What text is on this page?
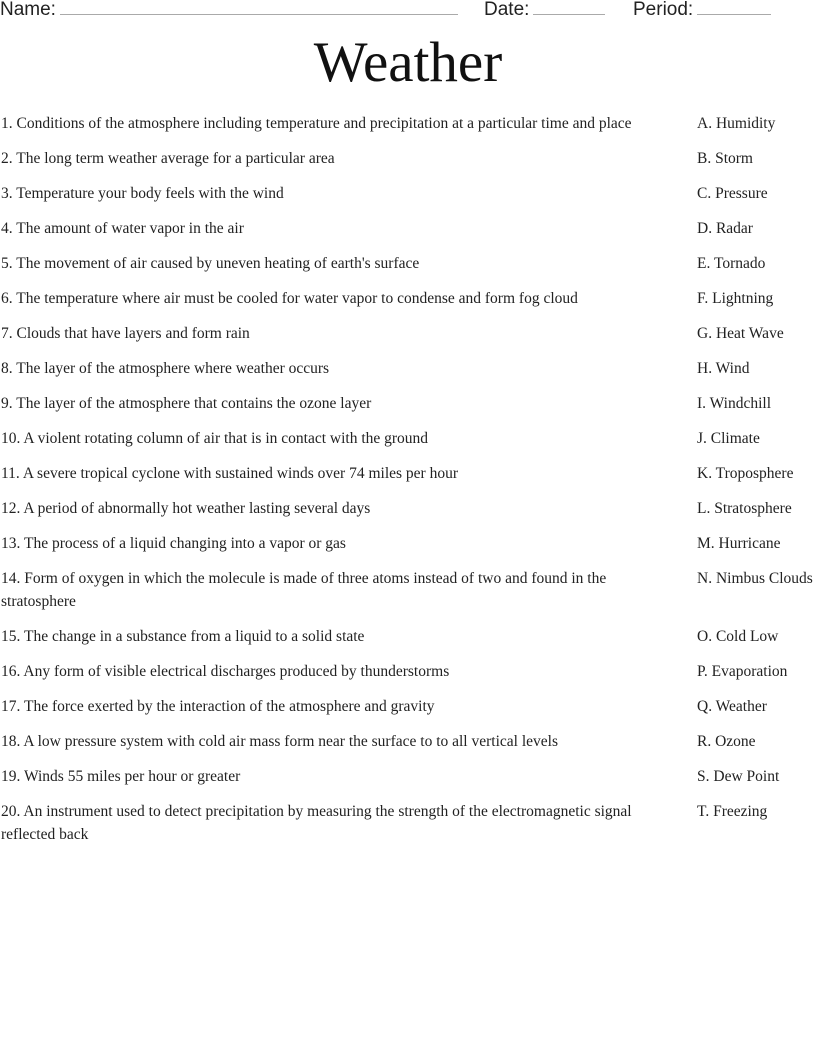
Name:	Date:	Period:
Weather
1. Conditions of the atmosphere including temperature and precipitation at a particular time and place	A. Humidity
2. The long term weather average for a particular area	B. Storm
3. Temperature your body feels with the wind	C. Pressure
4. The amount of water vapor in the air	D. Radar
5. The movement of air caused by uneven heating of earth's surface	E. Tornado
6. The temperature where air must be cooled for water vapor to condense and form fog cloud	F. Lightning
7. Clouds that have layers and form rain	G. Heat Wave
8. The layer of the atmosphere where weather occurs	H. Wind
9. The layer of the atmosphere that contains the ozone layer	I. Windchill
10. A violent rotating column of air that is in contact with the ground	J. Climate
11. A severe tropical cyclone with sustained winds over 74 miles per hour	K. Troposphere
12. A period of abnormally hot weather lasting several days	L. Stratosphere
13. The process of a liquid changing into a vapor or gas	M. Hurricane
14. Form of oxygen in which the molecule is made of three atoms instead of two and found in the stratosphere
N. Nimbus Clouds
15. The change in a substance from a liquid to a solid state	O. Cold Low
16. Any form of visible electrical discharges produced by thunderstorms	P. Evaporation
17. The force exerted by the interaction of the atmosphere and gravity	Q. Weather
18. A low pressure system with cold air mass form near the surface to to all vertical levels	R. Ozone
19. Winds 55 miles per hour or greater	S. Dew Point
20. An instrument used to detect precipitation by measuring the strength of the electromagnetic signal reflected back
T. Freezing
